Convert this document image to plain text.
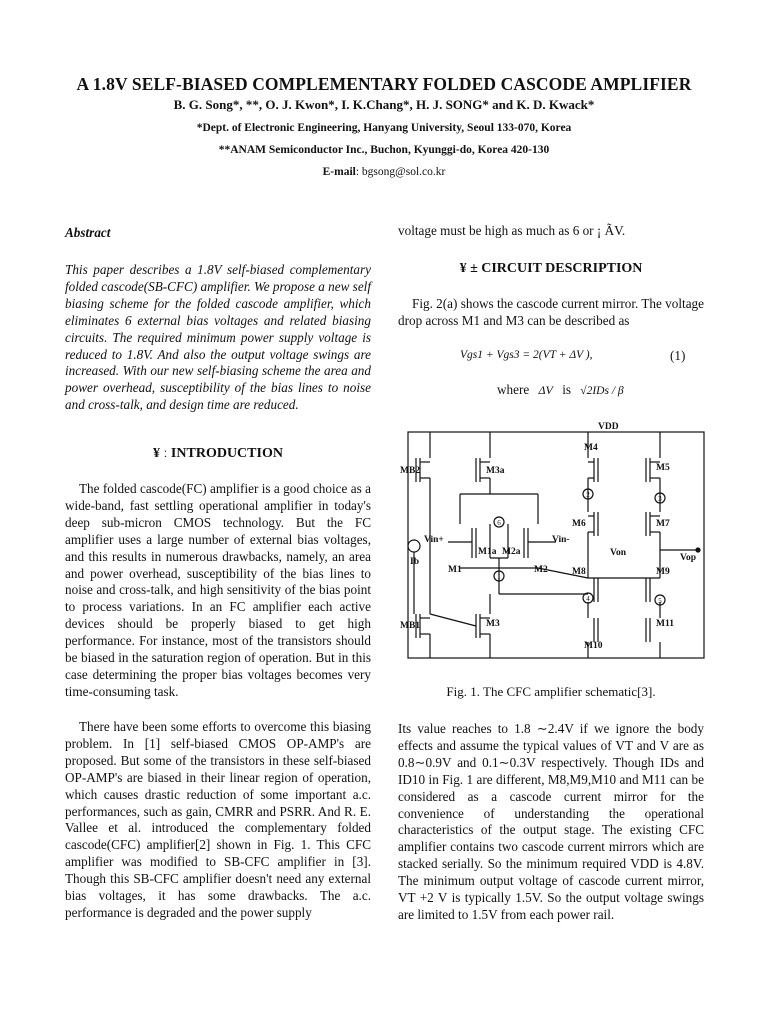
A 1.8V SELF-BIASED COMPLEMENTARY FOLDED CASCODE AMPLIFIER
B. G. Song*, **, O. J. Kwon*, I. K.Chang*, H. J. SONG* and K. D. Kwack*
*Dept. of Electronic Engineering, Hanyang University, Seoul 133-070, Korea
**ANAM Semiconductor Inc., Buchon, Kyunggi-do, Korea 420-130
E-mail: bgsong@sol.co.kr
Abstract
This paper describes a 1.8V self-biased complementary folded cascode(SB-CFC) amplifier. We propose a new self biasing scheme for the folded cascode amplifier, which eliminates 6 external bias voltages and related biasing circuits. The required minimum power supply voltage is reduced to 1.8V. And also the output voltage swings are increased. With our new self-biasing scheme the area and power overhead, susceptibility of the bias lines to noise and cross-talk, and design time are reduced.
¥ ː INTRODUCTION
The folded cascode(FC) amplifier is a good choice as a wide-band, fast settling operational amplifier in today's deep sub-micron CMOS technology. But the FC amplifier uses a large number of external bias voltages, and this results in numerous drawbacks, namely, an area and power overhead, susceptibility of the bias lines to noise and cross-talk, and high sensitivity of the bias point to process variations. In an FC amplifier each active devices should be properly biased to get high performance. For instance, most of the transistors should be biased in the saturation region of operation. But in this case determining the proper bias voltages becomes very time-consuming task.
There have been some efforts to overcome this biasing problem. In [1] self-biased CMOS OP-AMP's are proposed. But some of the transistors in these self-biased OP-AMP's are biased in their linear region of operation, which causes drastic reduction of some important a.c. performances, such as gain, CMRR and PSRR. And R. E. Vallee et al. introduced the complementary folded cascode(CFC) amplifier[2] shown in Fig. 1. This CFC amplifier was modified to SB-CFC amplifier in [3]. Though this SB-CFC amplifier doesn't need any external bias voltages, it has some drawbacks. The a.c. performance is degraded and the power supply
voltage must be high as much as 6 or ¡ ÃV.
¥ ± CIRCUIT DESCRIPTION
Fig. 2(a) shows the cascode current mirror. The voltage drop across M1 and M3 can be described as
Vgs1 + Vgs3 = 2(VT + ΔV ),	(1)
where ΔV is √2IDs / β
VDD
MB2	M3a
M4
M5
M6	M7
M1a M2a
Vin+	Vin-
Ib
M1	M2	M8	M9
Von	Vop
MB1	M3
M10
M11
1
2	3
4	5
6
Fig. 1. The CFC amplifier schematic[3].
Its value reaches to 1.8 ∼2.4V if we ignore the body effects and assume the typical values of VT and V are as 0.8∼0.9V and 0.1∼0.3V respectively. Though IDs and ID10 in Fig. 1 are different, M8,M9,M10 and M11 can be considered as a cascode current mirror for the convenience of understanding the operational characteristics of the output stage. The existing CFC amplifier contains two cascode current mirrors which are stacked serially. So the minimum required VDD is 4.8V. The minimum output voltage of cascode current mirror, VT +2 V is typically 1.5V. So the output voltage swings are limited to 1.5V from each power rail.
